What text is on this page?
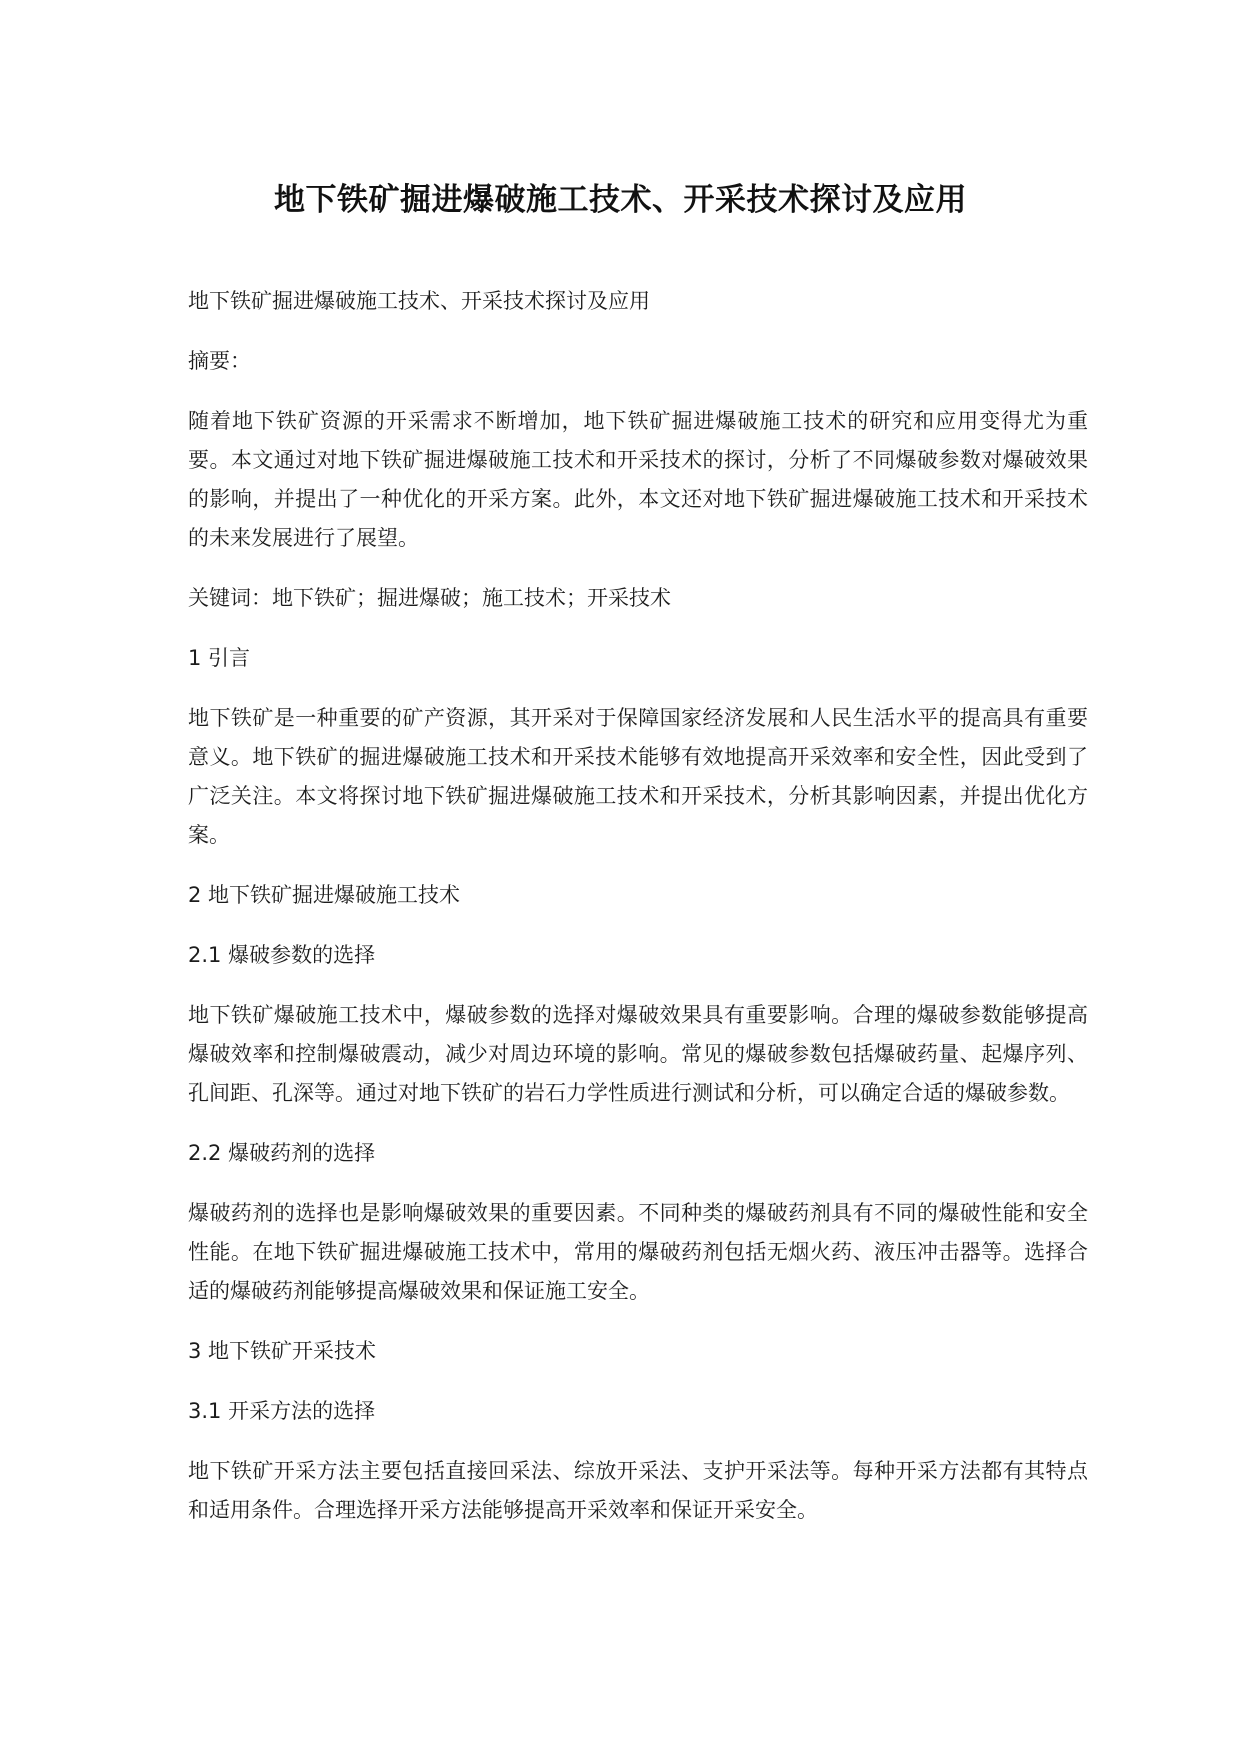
地下铁矿掘进爆破施工技术、开采技术探讨及应用

地下铁矿掘进爆破施工技术、开采技术探讨及应用

摘要：

随着地下铁矿资源的开采需求不断增加，地下铁矿掘进爆破施工技术的研究和应用变得尤为重要。本文通过对地下铁矿掘进爆破施工技术和开采技术的探讨，分析了不同爆破参数对爆破效果的影响，并提出了一种优化的开采方案。此外，本文还对地下铁矿掘进爆破施工技术和开采技术的未来发展进行了展望。

关键词：地下铁矿；掘进爆破；施工技术；开采技术

1 引言

地下铁矿是一种重要的矿产资源，其开采对于保障国家经济发展和人民生活水平的提高具有重要意义。地下铁矿的掘进爆破施工技术和开采技术能够有效地提高开采效率和安全性，因此受到了广泛关注。本文将探讨地下铁矿掘进爆破施工技术和开采技术，分析其影响因素，并提出优化方案。

2 地下铁矿掘进爆破施工技术

2.1 爆破参数的选择

地下铁矿爆破施工技术中，爆破参数的选择对爆破效果具有重要影响。合理的爆破参数能够提高爆破效率和控制爆破震动，减少对周边环境的影响。常见的爆破参数包括爆破药量、起爆序列、孔间距、孔深等。通过对地下铁矿的岩石力学性质进行测试和分析，可以确定合适的爆破参数。

2.2 爆破药剂的选择

爆破药剂的选择也是影响爆破效果的重要因素。不同种类的爆破药剂具有不同的爆破性能和安全性能。在地下铁矿掘进爆破施工技术中，常用的爆破药剂包括无烟火药、液压冲击器等。选择合适的爆破药剂能够提高爆破效果和保证施工安全。

3 地下铁矿开采技术

3.1 开采方法的选择

地下铁矿开采方法主要包括直接回采法、综放开采法、支护开采法等。每种开采方法都有其特点和适用条件。合理选择开采方法能够提高开采效率和保证开采安全。
